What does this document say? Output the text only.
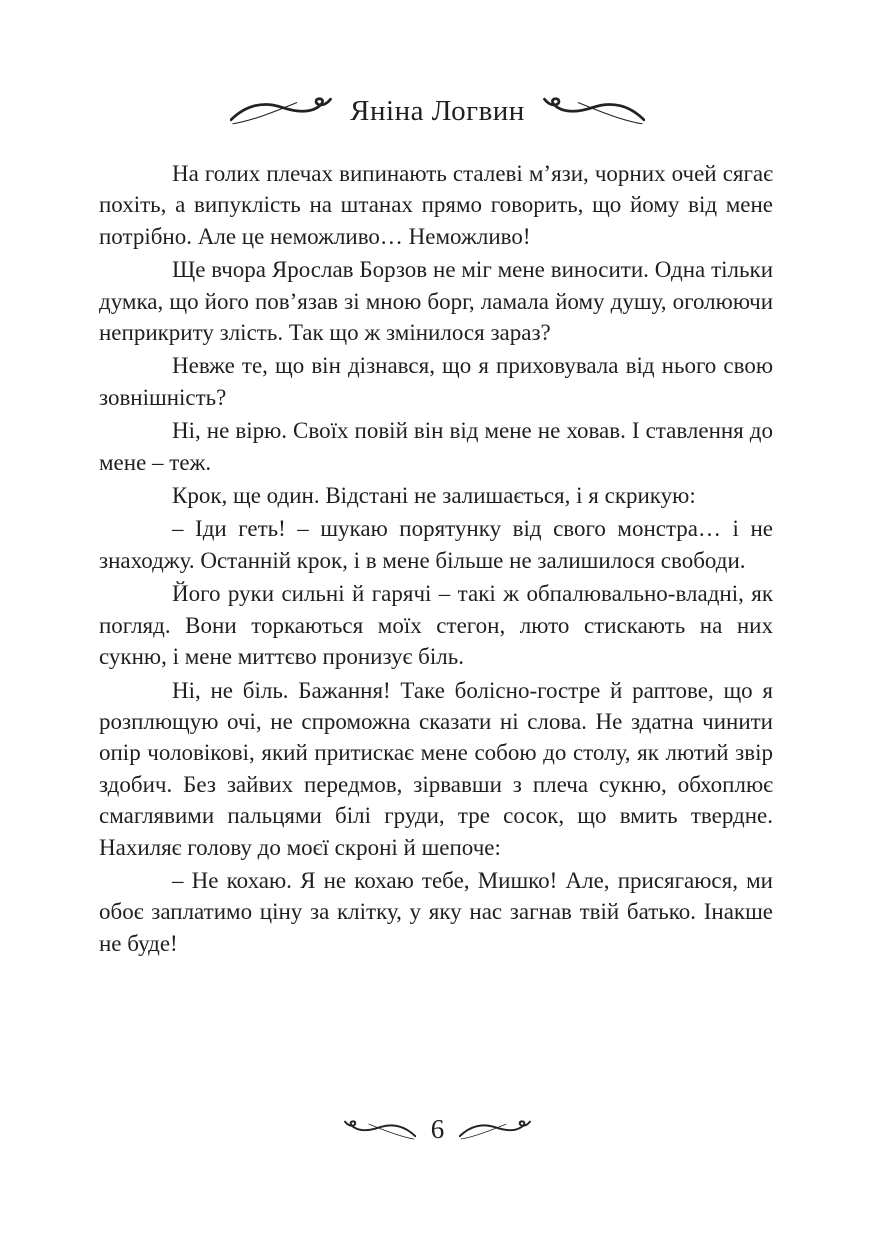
Яніна Логвин

На голих плечах випинають сталеві м’язи, чорних очей сягає похіть, а випуклість на штанах прямо говорить, що йому від мене потрібно. Але це неможливо… Неможливо!

Ще вчора Ярослав Борзов не міг мене виносити. Одна тільки думка, що його пов’язав зі мною борг, ламала йому душу, оголюючи неприкриту злість. Так що ж змінилося зараз?

Невже те, що він дізнався, що я приховувала від нього свою зовнішність?

Ні, не вірю. Своїх повій він від мене не ховав. І ставлення до мене – теж.

Крок, ще один. Відстані не залишається, і я скрикую:

– Іди геть! – шукаю порятунку від свого монстра… і не знаходжу. Останній крок, і в мене більше не залишилося свободи.

Його руки сильні й гарячі – такі ж обпалювально-владні, як погляд. Вони торкаються моїх стегон, люто стискають на них сукню, і мене миттєво пронизує біль.

Ні, не біль. Бажання! Таке болісно-гостре й раптове, що я розплющую очі, не спроможна сказати ні слова. Не здатна чинити опір чоловікові, який притискає мене собою до столу, як лютий звір здобич. Без зайвих передмов, зірвавши з плеча сукню, обхоплює смаглявими пальцями білі груди, тре сосок, що вмить твердне. Нахиляє голову до моєї скроні й шепоче:

– Не кохаю. Я не кохаю тебе, Мишко! Але, присягаюся, ми обоє заплатимо ціну за клітку, у яку нас загнав твій батько. Інакше не буде!

6
